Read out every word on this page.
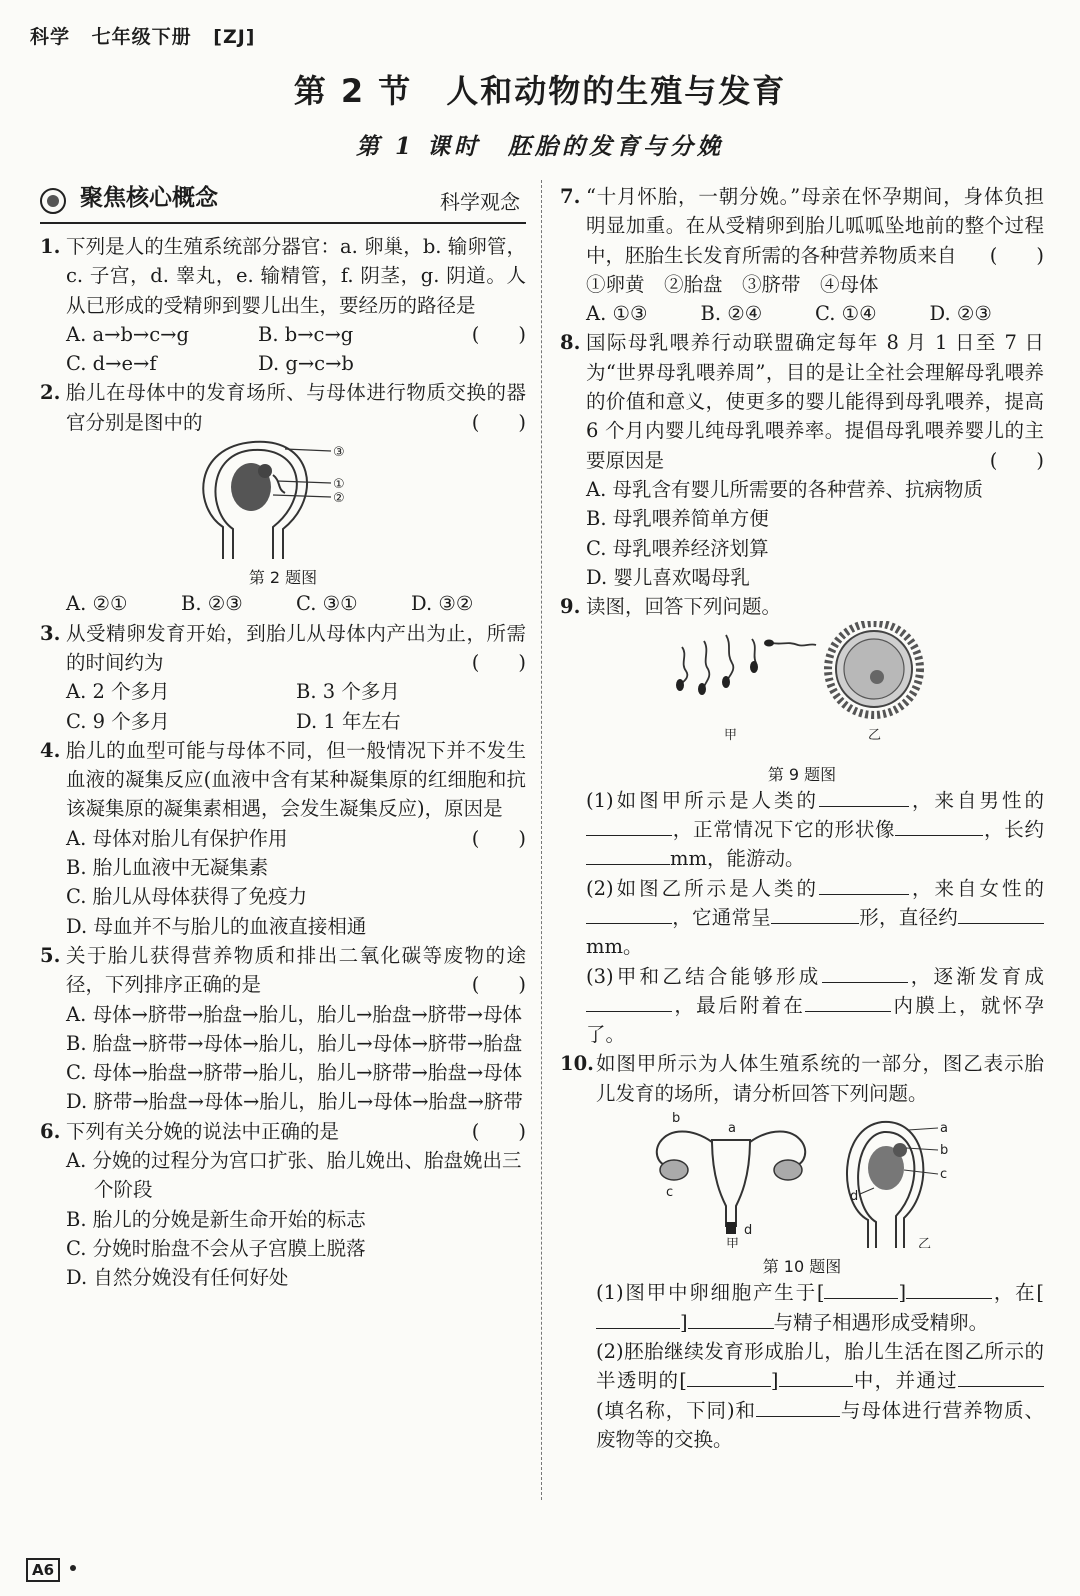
科学 七年级下册 [ZJ]
第 2 节　人和动物的生殖与发育
第 1 课时　胚胎的发育与分娩
聚焦核心概念	科学观念
1. 下列是人的生殖系统部分器官：a. 卵巢，b. 输卵管，c. 子宫，d. 睾丸，e. 输精管，f. 阴茎，g. 阴道。人从已形成的受精卵到婴儿出生，要经历的路径是
(　　)
A. a→b→c→g	B. b→c→g
C. d→e→f	D. g→c→b
2. 胎儿在母体中的发育场所、与母体进行物质交换的器官分别是图中的	(　　)
③
①
②
第 2 题图
A. ②①	B. ②③	C. ③①	D. ③②
3. 从受精卵发育开始，到胎儿从母体内产出为止，所需的时间约为	(　　)
A. 2 个多月	B. 3 个多月
C. 9 个多月	D. 1 年左右
4. 胎儿的血型可能与母体不同，但一般情况下并不发生血液的凝集反应(血液中含有某种凝集原的红细胞和抗该凝集原的凝集素相遇，会发生凝集反应)，原因是
(　　)
A. 母体对胎儿有保护作用
B. 胎儿血液中无凝集素
C. 胎儿从母体获得了免疫力
D. 母血并不与胎儿的血液直接相通
5. 关于胎儿获得营养物质和排出二氧化碳等废物的途径，下列排序正确的是	(　　)
A. 母体→脐带→胎盘→胎儿，胎儿→胎盘→脐带→母体
B. 胎盘→脐带→母体→胎儿，胎儿→母体→脐带→胎盘
C. 母体→胎盘→脐带→胎儿，胎儿→脐带→胎盘→母体
D. 脐带→胎盘→母体→胎儿，胎儿→母体→胎盘→脐带
6. 下列有关分娩的说法中正确的是	(　　)
A. 分娩的过程分为宫口扩张、胎儿娩出、胎盘娩出三个阶段
B. 胎儿的分娩是新生命开始的标志
C. 分娩时胎盘不会从子宫膜上脱落
D. 自然分娩没有任何好处
7. “十月怀胎，一朝分娩。”母亲在怀孕期间，身体负担明显加重。在从受精卵到胎儿呱呱坠地前的整个过程中，胚胎生长发育所需的各种营养物质来自	(　　)
①卵黄　②胎盘　③脐带　④母体
A. ①③	B. ②④	C. ①④	D. ②③
8. 国际母乳喂养行动联盟确定每年 8 月 1 日至 7 日为“世界母乳喂养周”，目的是让全社会理解母乳喂养的价值和意义，使更多的婴儿能得到母乳喂养，提高 6 个月内婴儿纯母乳喂养率。提倡母乳喂养婴儿的主要原因是	(　　)
A. 母乳含有婴儿所需要的各种营养、抗病物质
B. 母乳喂养简单方便
C. 母乳喂养经济划算
D. 婴儿喜欢喝母乳
9. 读图，回答下列问题。
甲	乙
第 9 题图
(1)如图甲所示是人类的	，来自男性的，正常情况下它的形状像	，长约mm，能游动。
(2)如图乙所示是人类的	，来自女性的，它通常呈	形，直径约mm。
(3)甲和乙结合能够形成	，逐渐发育成，最后附着在	内膜上，就怀孕了。
10. 如图甲所示为人体生殖系统的一部分，图乙表示胎儿发育的场所，请分析回答下列问题。
b
a
c
d
a
b
c
d
甲	乙
第 10 题图
(1)图甲中卵细胞产生于[	]	，在[]	与精子相遇形成受精卵。
(2)胚胎继续发育形成胎儿，胎儿生活在图乙所示的半透明的[	]	中，并通过(填名称，下同)和	与母体进行营养物质、废物等的交换。
A6
